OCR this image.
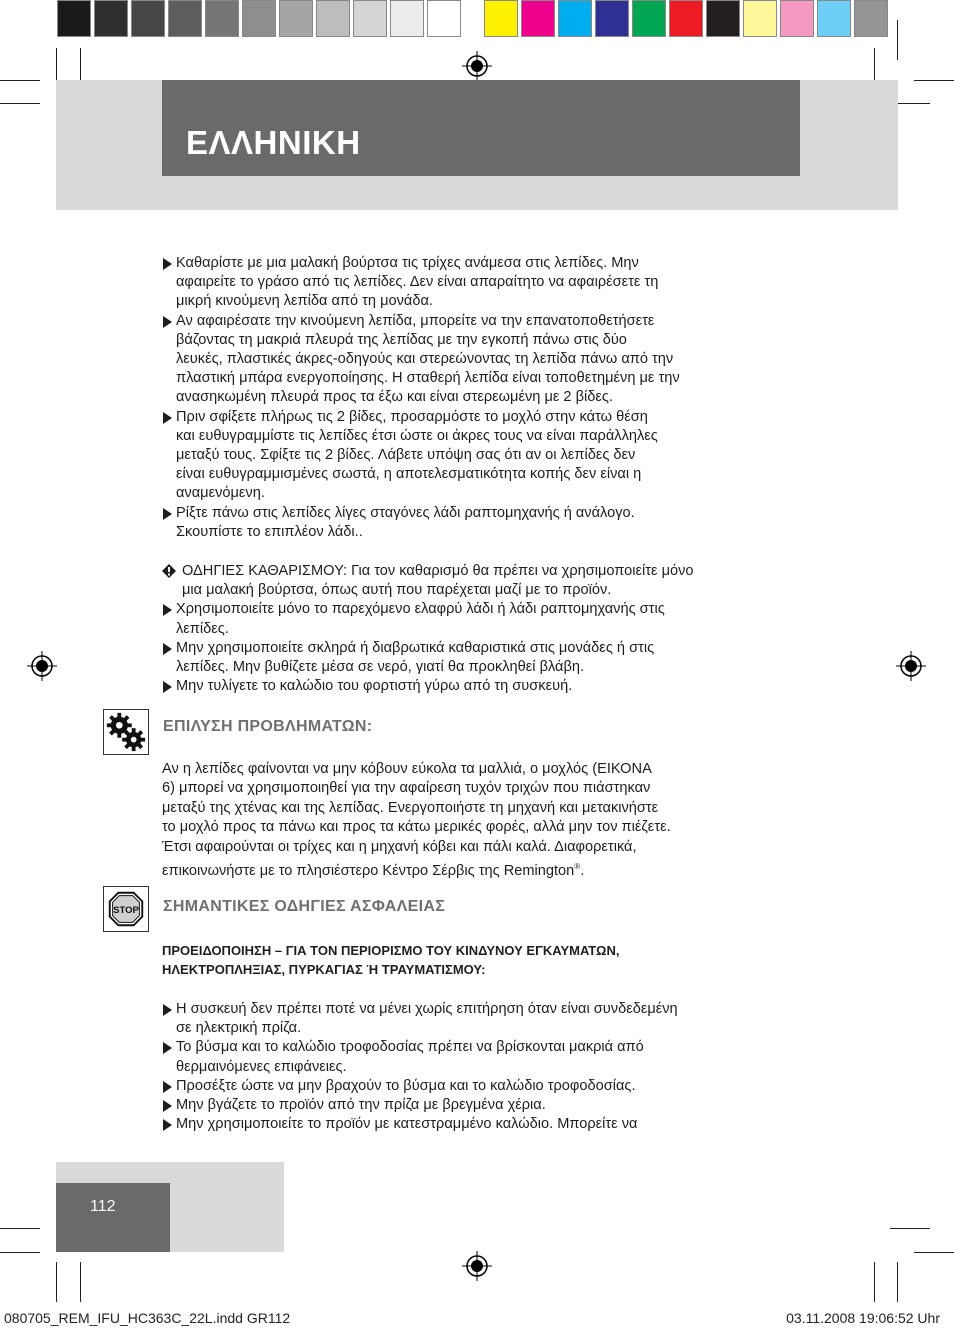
ΕΛΛΗΝΙΚΗ
Καθαρίστε με μια μαλακή βούρτσα τις τρίχες ανάμεσα στις λεπίδες. Μην
αφαιρείτε το γράσο από τις λεπίδες. Δεν είναι απαραίτητο να αφαιρέσετε τη
μικρή κινούμενη λεπίδα από τη μονάδα.
Αν αφαιρέσατε την κινούμενη λεπίδα, μπορείτε να την επανατοποθετήσετε
βάζοντας τη μακριά πλευρά της λεπίδας με την εγκοπή πάνω στις δύο
λευκές, πλαστικές άκρες-οδηγούς και στερεώνοντας τη λεπίδα πάνω από την
πλαστική μπάρα ενεργοποίησης. Η σταθερή λεπίδα είναι τοποθετημένη με την
ανασηκωμένη πλευρά προς τα έξω και είναι στερεωμένη με 2 βίδες.
Πριν σφίξετε πλήρως τις 2 βίδες, προσαρμόστε το μοχλό στην κάτω θέση
και ευθυγραμμίστε τις λεπίδες έτσι ώστε οι άκρες τους να είναι παράλληλες
μεταξύ τους. Σφίξτε τις 2 βίδες. Λάβετε υπόψη σας ότι αν οι λεπίδες δεν
είναι ευθυγραμμισμένες σωστά, η αποτελεσματικότητα κοπής δεν είναι η
αναμενόμενη.
Ρίξτε πάνω στις λεπίδες λίγες σταγόνες λάδι ραπτομηχανής ή ανάλογο.
Σκουπίστε το επιπλέον λάδι..
ΟΔΗΓΙΕΣ ΚΑΘΑΡΙΣΜΟΥ: Για τον καθαρισμό θα πρέπει να χρησιμοποιείτε μόνο
μια μαλακή βούρτσα, όπως αυτή που παρέχεται μαζί με το προϊόν.
Χρησιμοποιείτε μόνο το παρεχόμενο ελαφρύ λάδι ή λάδι ραπτομηχανής στις
λεπίδες.
Μην χρησιμοποιείτε σκληρά ή διαβρωτικά καθαριστικά στις μονάδες ή στις
λεπίδες. Μην βυθίζετε μέσα σε νερό, γιατί θα προκληθεί βλάβη.
Μην τυλίγετε το καλώδιο του φορτιστή γύρω από τη συσκευή.
ΕΠΙΛΥΣΗ ΠΡΟΒΛΗΜΑΤΩΝ:
Αν η λεπίδες φαίνονται να μην κόβουν εύκολα τα μαλλιά, ο μοχλός (ΕΙΚΟΝΑ
6) μπορεί να χρησιμοποιηθεί για την αφαίρεση τυχόν τριχών που πιάστηκαν
μεταξύ της χτένας και της λεπίδας. Ενεργοποιήστε τη μηχανή και μετακινήστε
το μοχλό προς τα πάνω και προς τα κάτω μερικές φορές, αλλά μην τον πιέζετε.
Έτσι αφαιρούνται οι τρίχες και η μηχανή κόβει και πάλι καλά. Διαφορετικά,
επικοινωνήστε με το πλησιέστερο Κέντρο Σέρβις της Remington®.
STOP ΣΗΜΑΝΤΙΚΕΣ ΟΔΗΓΙΕΣ ΑΣΦΑΛΕΙΑΣ
ΠΡΟΕΙΔΟΠΟΙΗΣΗ – ΓΙΑ ΤΟΝ ΠΕΡΙΟΡΙΣΜΟ ΤΟΥ ΚΙΝΔΥΝΟΥ ΕΓΚΑΥΜΑΤΩΝ,
ΗΛΕΚΤΡΟΠΛΗΞΙΑΣ, ΠΥΡΚΑΓΙΑΣ Ή ΤΡΑΥΜΑΤΙΣΜΟΥ:
Η συσκευή δεν πρέπει ποτέ να μένει χωρίς επιτήρηση όταν είναι συνδεδεμένη
σε ηλεκτρική πρίζα.
Το βύσμα και το καλώδιο τροφοδοσίας πρέπει να βρίσκονται μακριά από
θερμαινόμενες επιφάνειες.
Προσέξτε ώστε να μην βραχούν το βύσμα και το καλώδιο τροφοδοσίας.
Μην βγάζετε το προϊόν από την πρίζα με βρεγμένα χέρια.
Μην χρησιμοποιείτε το προϊόν με κατεστραμμένο καλώδιο. Μπορείτε να
112
080705_REM_IFU_HC363C_22L.indd GR112	03.11.2008 19:06:52 Uhr
